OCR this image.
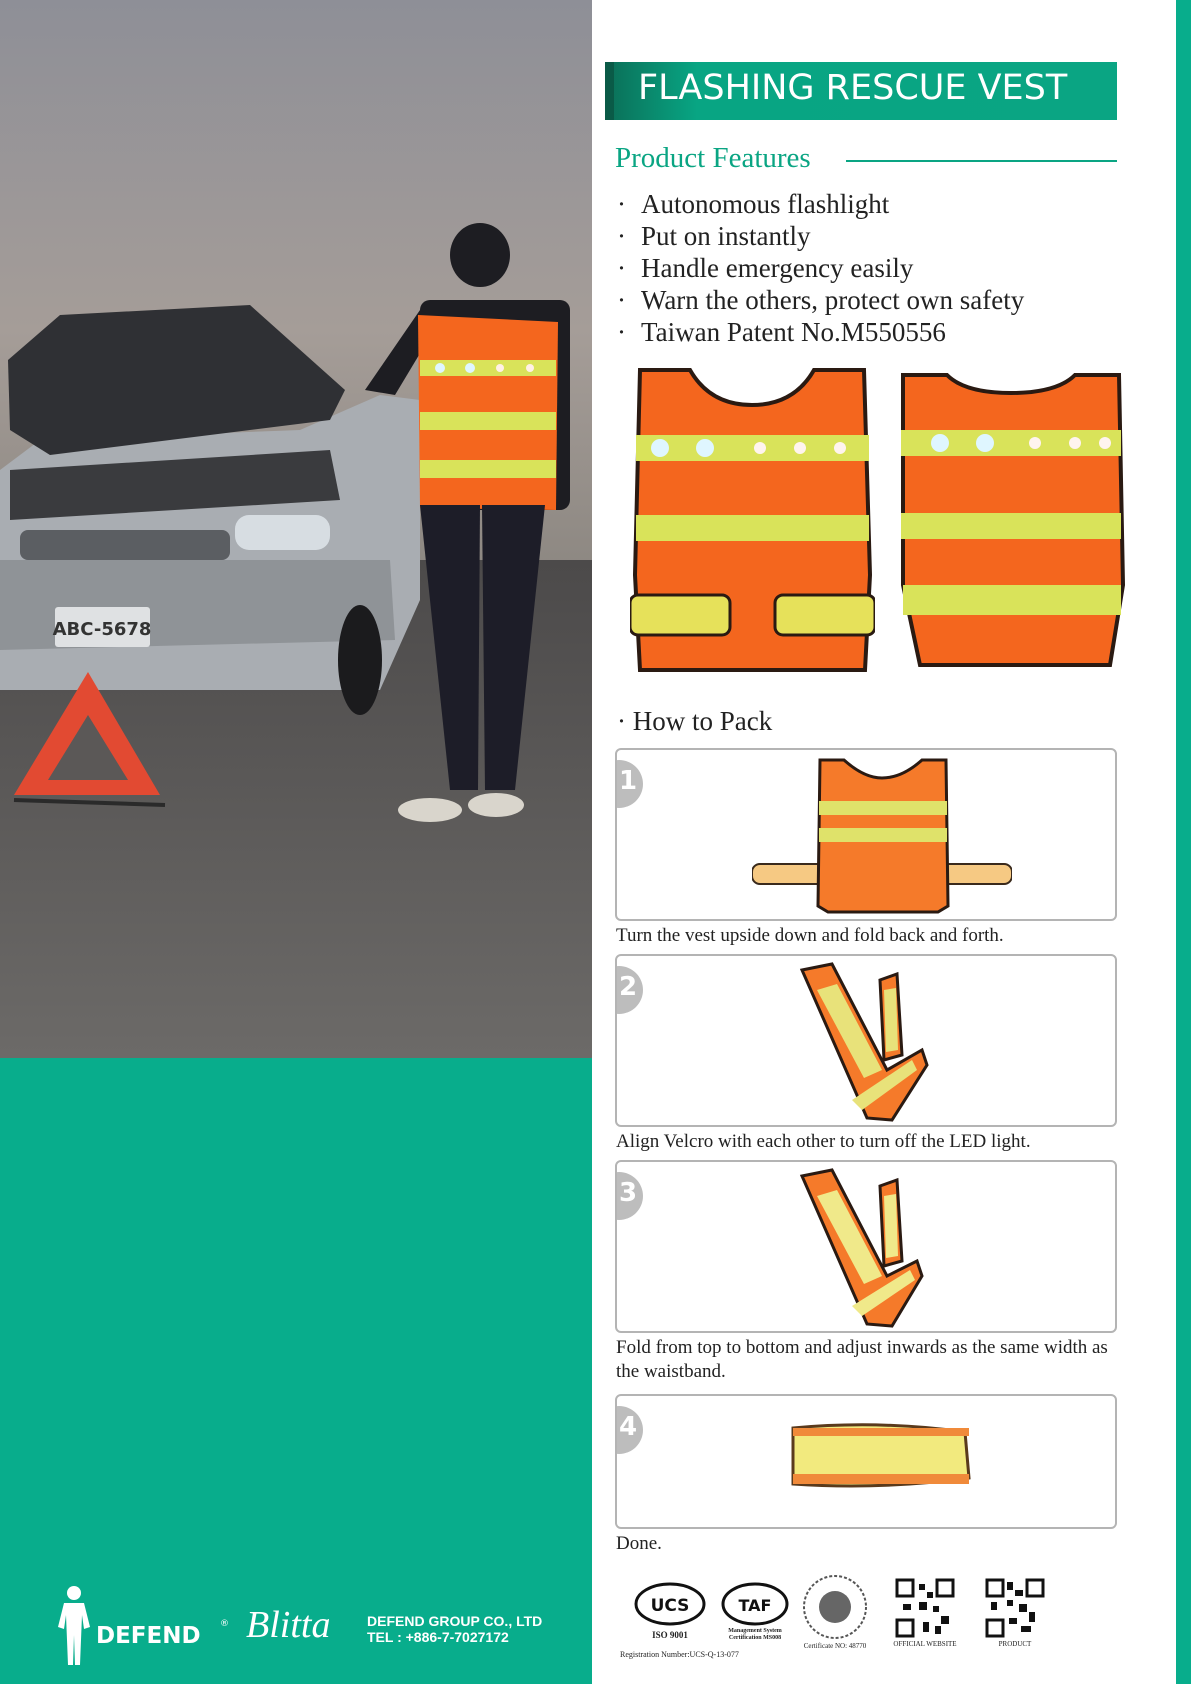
ABC-5678
DEFEND ® Blitta	DEFEND GROUP CO., LTD
TEL : +886-7-7027172
FLASHING RESCUE VEST
Product Features
· Autonomous flashlight
· Put on instantly
· Handle emergency easily
· Warn the others, protect own safety
· Taiwan Patent No.M550556
· How to Pack
1
Turn the vest upside down and fold back and forth.
2
Align Velcro with each other to turn off the LED light.
3
Fold from top to bottom and adjust inwards as the same width as the waistband.
4
Done.
UCS
ISO 9001
Registration Number:UCS-Q-13-077
TAF
Management System Certification MS008
Certificate NO: 48770	OFFICIAL WEBSITE	PRODUCT
